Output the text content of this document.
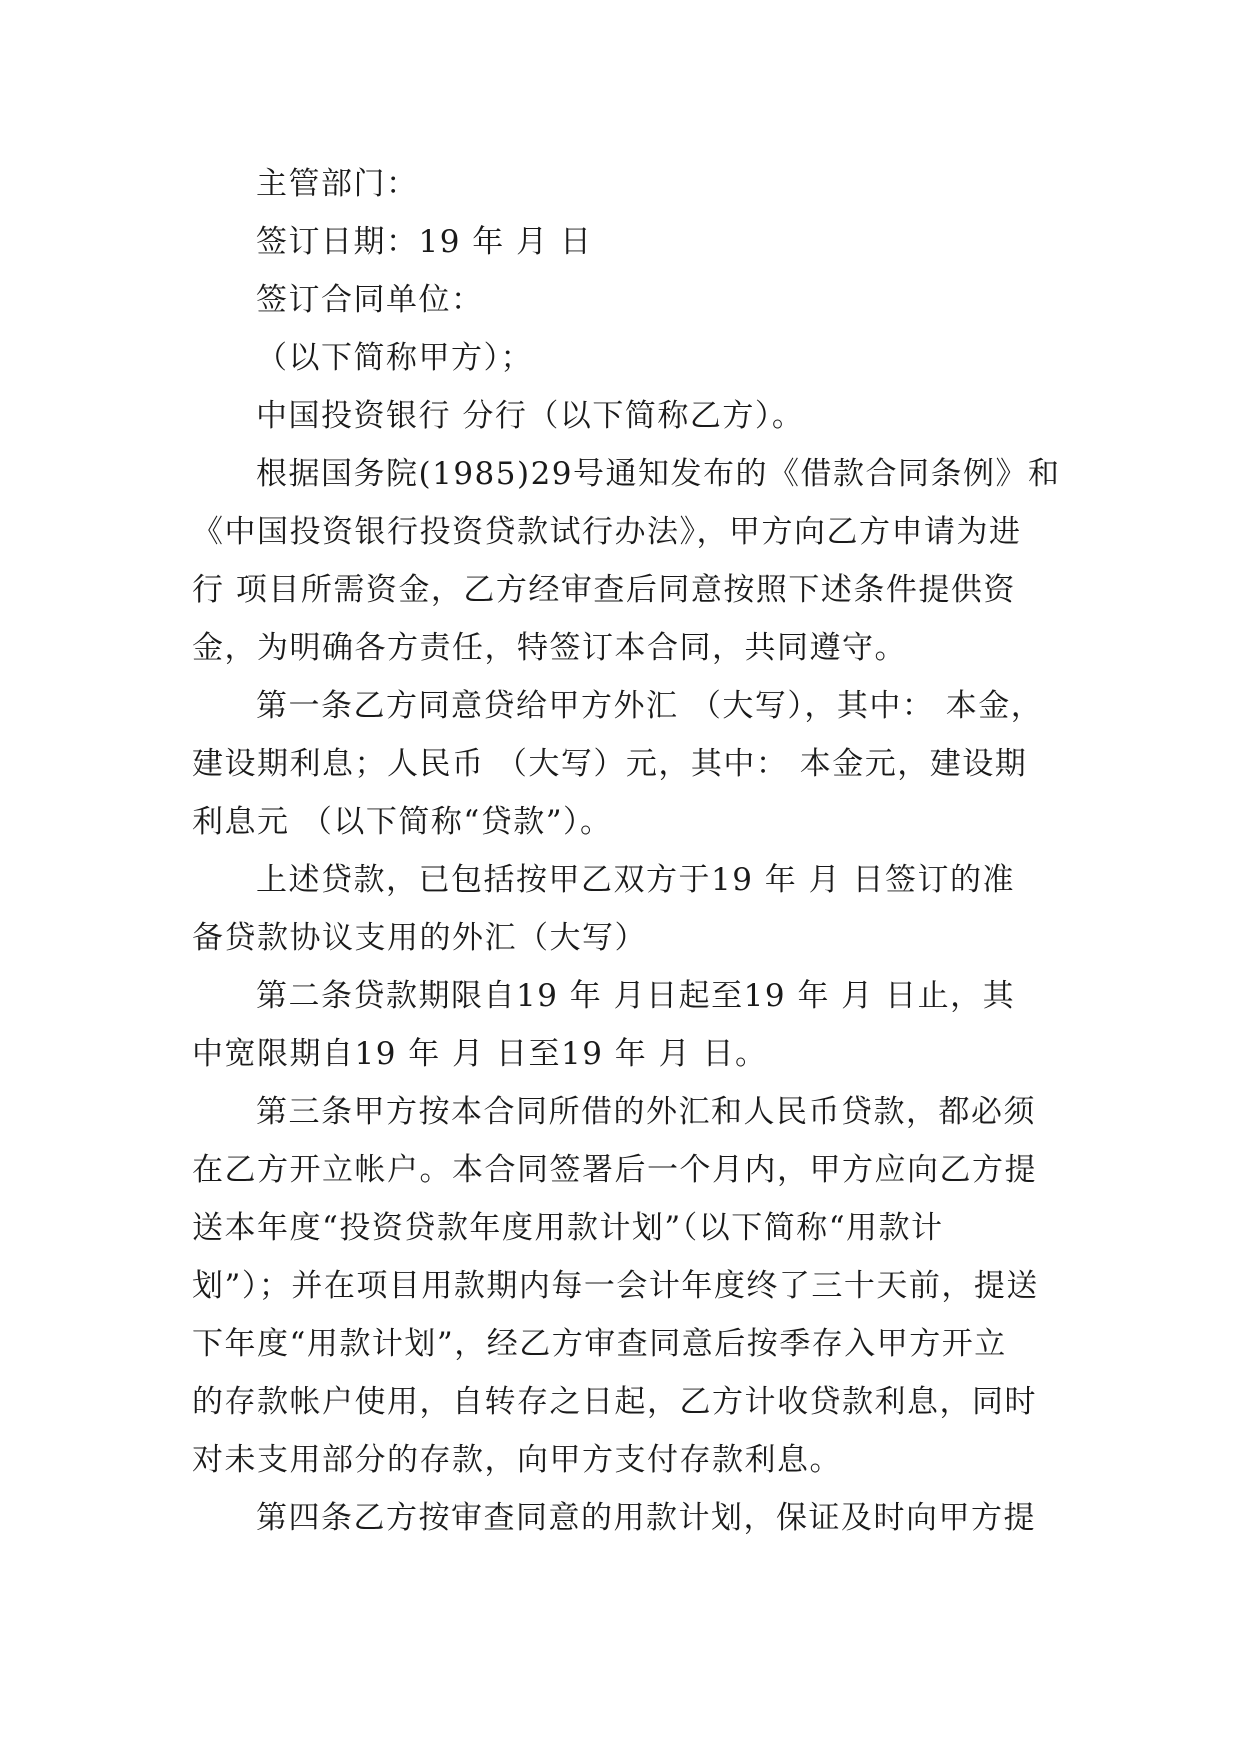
主管部门：
签订日期：19 年 月 日
签订合同单位：
（以下简称甲方）；
中国投资银行 分行（以下简称乙方）。
根据国务院(1985)29号通知发布的《借款合同条例》和
《中国投资银行投资贷款试行办法》，甲方向乙方申请为进
行 项目所需资金，乙方经审查后同意按照下述条件提供资
金，为明确各方责任，特签订本合同，共同遵守。
第一条乙方同意贷给甲方外汇 （大写），其中： 本金，
建设期利息；人民币 （大写）元，其中： 本金元，建设期
利息元 （以下简称“贷款”）。
上述贷款，已包括按甲乙双方于19 年 月 日签订的准
备贷款协议支用的外汇（大写）
第二条贷款期限自19 年 月日起至19 年 月 日止，其
中宽限期自19 年 月 日至19 年 月 日。
第三条甲方按本合同所借的外汇和人民币贷款，都必须
在乙方开立帐户。本合同签署后一个月内，甲方应向乙方提
送本年度“投资贷款年度用款计划”（以下简称“用款计
划”）；并在项目用款期内每一会计年度终了三十天前，提送
下年度“用款计划”，经乙方审查同意后按季存入甲方开立
的存款帐户使用，自转存之日起，乙方计收贷款利息，同时
对未支用部分的存款，向甲方支付存款利息。
第四条乙方按审查同意的用款计划，保证及时向甲方提
